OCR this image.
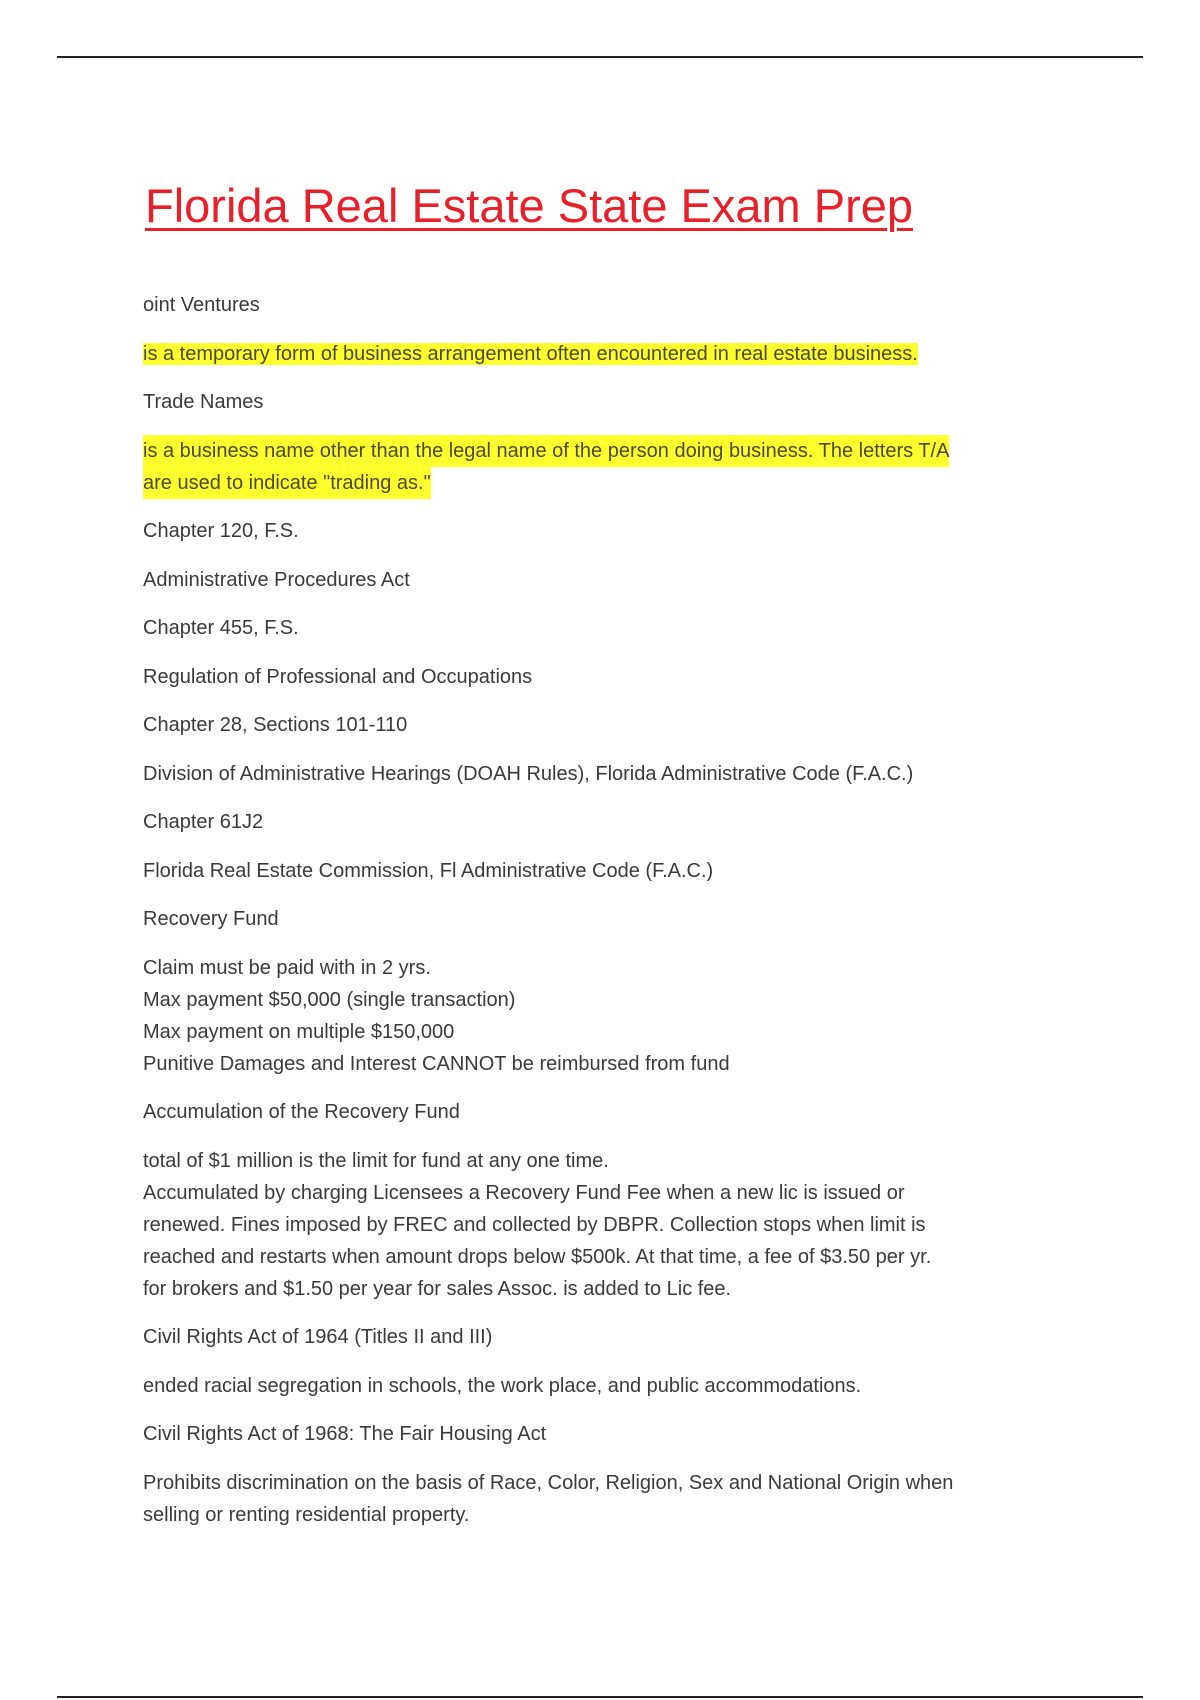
Florida Real Estate State Exam Prep

oint Ventures

is a temporary form of business arrangement often encountered in real estate business.

Trade Names

is a business name other than the legal name of the person doing business. The letters T/A
are used to indicate "trading as."

Chapter 120, F.S.

Administrative Procedures Act

Chapter 455, F.S.

Regulation of Professional and Occupations

Chapter 28, Sections 101-110

Division of Administrative Hearings (DOAH Rules), Florida Administrative Code (F.A.C.)

Chapter 61J2

Florida Real Estate Commission, Fl Administrative Code (F.A.C.)

Recovery Fund

Claim must be paid with in 2 yrs.
Max payment $50,000 (single transaction)
Max payment on multiple $150,000
Punitive Damages and Interest CANNOT be reimbursed from fund

Accumulation of the Recovery Fund

total of $1 million is the limit for fund at any one time.
Accumulated by charging Licensees a Recovery Fund Fee when a new lic is issued or
renewed. Fines imposed by FREC and collected by DBPR. Collection stops when limit is
reached and restarts when amount drops below $500k. At that time, a fee of $3.50 per yr.
for brokers and $1.50 per year for sales Assoc. is added to Lic fee.

Civil Rights Act of 1964 (Titles II and III)

ended racial segregation in schools, the work place, and public accommodations.

Civil Rights Act of 1968: The Fair Housing Act

Prohibits discrimination on the basis of Race, Color, Religion, Sex and National Origin when
selling or renting residential property.
